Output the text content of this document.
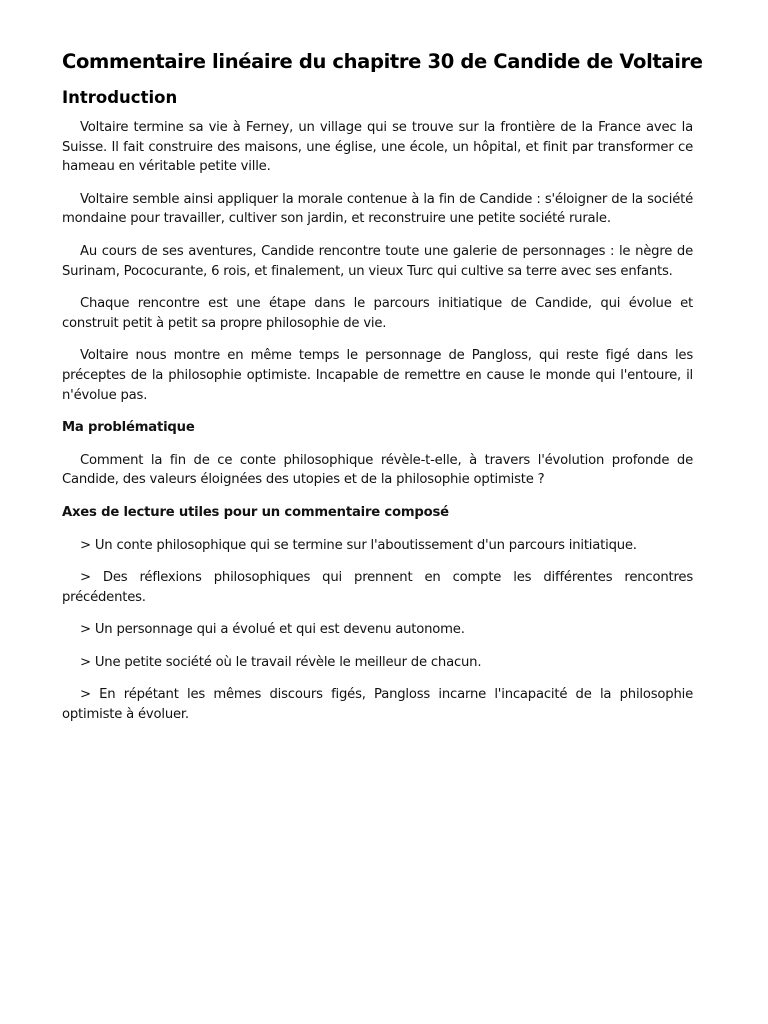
Commentaire linéaire du chapitre 30 de Candide de Voltaire
Introduction

Voltaire termine sa vie à Ferney, un village qui se trouve sur la frontière de la France avec la Suisse. Il fait construire des maisons, une église, une école, un hôpital, et finit par transformer ce hameau en véritable petite ville.

Voltaire semble ainsi appliquer la morale contenue à la fin de Candide : s'éloigner de la société mondaine pour travailler, cultiver son jardin, et reconstruire une petite société rurale.

Au cours de ses aventures, Candide rencontre toute une galerie de personnages : le nègre de Surinam, Pococurante, 6 rois, et finalement, un vieux Turc qui cultive sa terre avec ses enfants.

Chaque rencontre est une étape dans le parcours initiatique de Candide, qui évolue et construit petit à petit sa propre philosophie de vie.

Voltaire nous montre en même temps le personnage de Pangloss, qui reste figé dans les préceptes de la philosophie optimiste. Incapable de remettre en cause le monde qui l'entoure, il n'évolue pas.

Ma problématique

Comment la fin de ce conte philosophique révèle-t-elle, à travers l'évolution profonde de Candide, des valeurs éloignées des utopies et de la philosophie optimiste ?

Axes de lecture utiles pour un commentaire composé

> Un conte philosophique qui se termine sur l'aboutissement d'un parcours initiatique.

> Des réflexions philosophiques qui prennent en compte les différentes rencontres précédentes.

> Un personnage qui a évolué et qui est devenu autonome.

> Une petite société où le travail révèle le meilleur de chacun.

> En répétant les mêmes discours figés, Pangloss incarne l'incapacité de la philosophie optimiste à évoluer.
